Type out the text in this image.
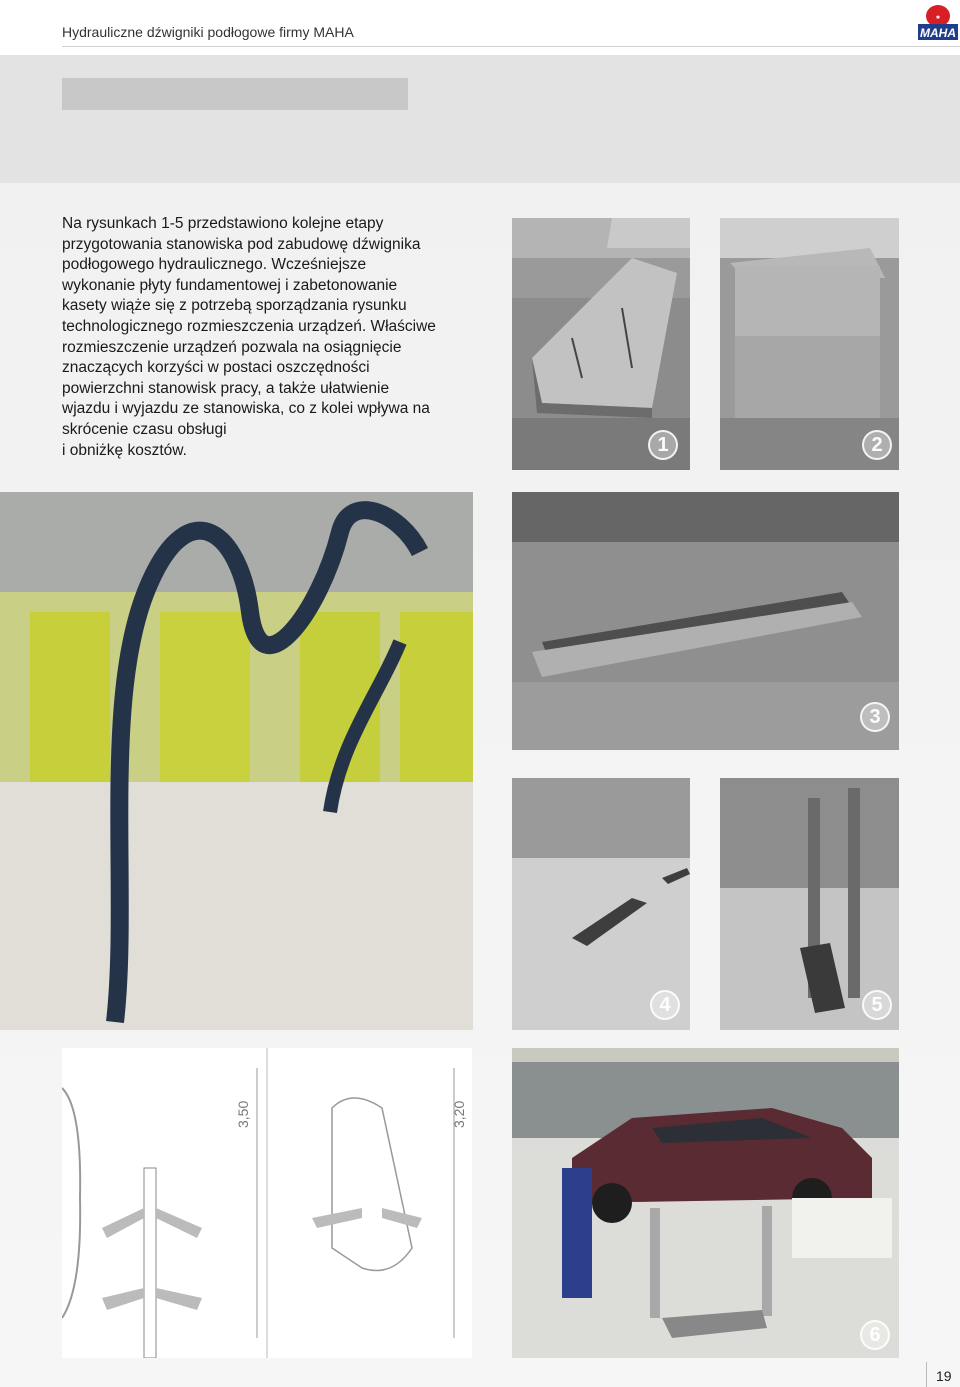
Hydrauliczne dźwigniki podłogowe firmy MAHA
✱
MAHA
Na rysunkach 1-5 przedstawiono kolejne etapy
przygotowania stanowiska pod zabudowę dźwignika
podłogowego hydraulicznego. Wcześniejsze
wykonanie płyty fundamentowej i zabetonowanie
kasety wiąże się z potrzebą sporządzania rysunku
technologicznego rozmieszczenia urządzeń. Właściwe
rozmieszczenie urządzeń pozwala na osiągnięcie
znaczących korzyści w postaci oszczędności
powierzchni stanowisk pracy, a także ułatwienie
wjazdu i wyjazdu ze stanowiska, co z kolei wpływa na
skrócenie czasu obsługi
i obniżkę kosztów.	1	2
3
4	5
3,50	3,20
6
19
